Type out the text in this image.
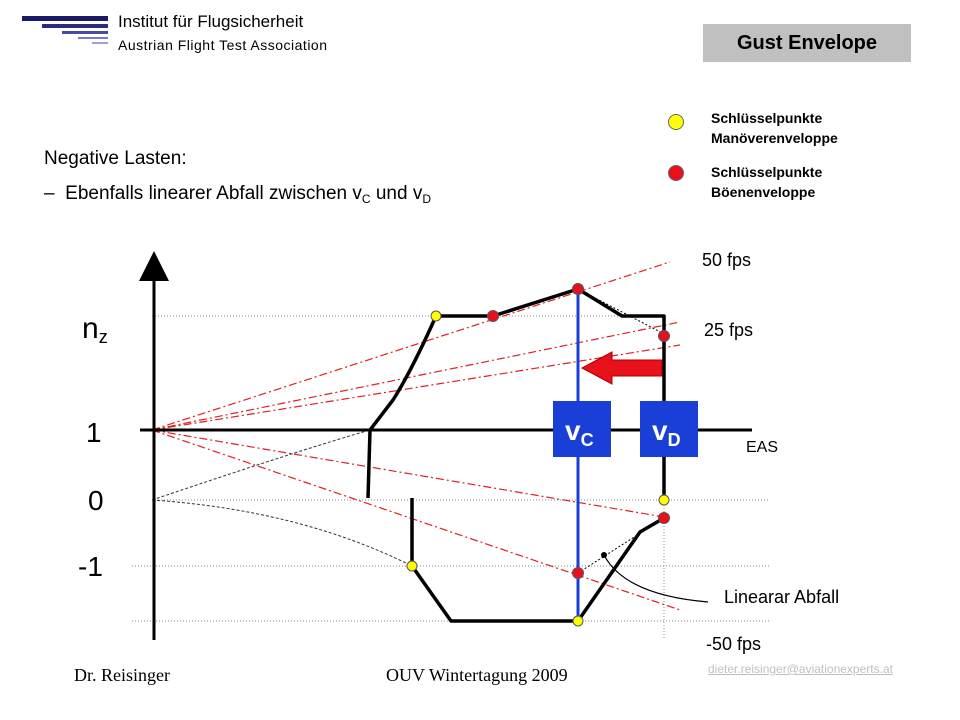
Institut für Flugsicherheit
Austrian Flight Test Association	Gust Envelope
Schlüsselpunkte
Manöverenveloppe
Schlüsselpunkte
Böenenveloppe
Negative Lasten:
– Ebenfalls linearer Abfall zwischen $v_C$ und $v_D$
$v_C$ $v_D$
nz
1
0
-1
EAS
50 fps
25 fps
-50 fps
Linearar Abfall
Dr. Reisinger	OUV Wintertagung 2009	dieter.reisinger@aviationexperts.at
